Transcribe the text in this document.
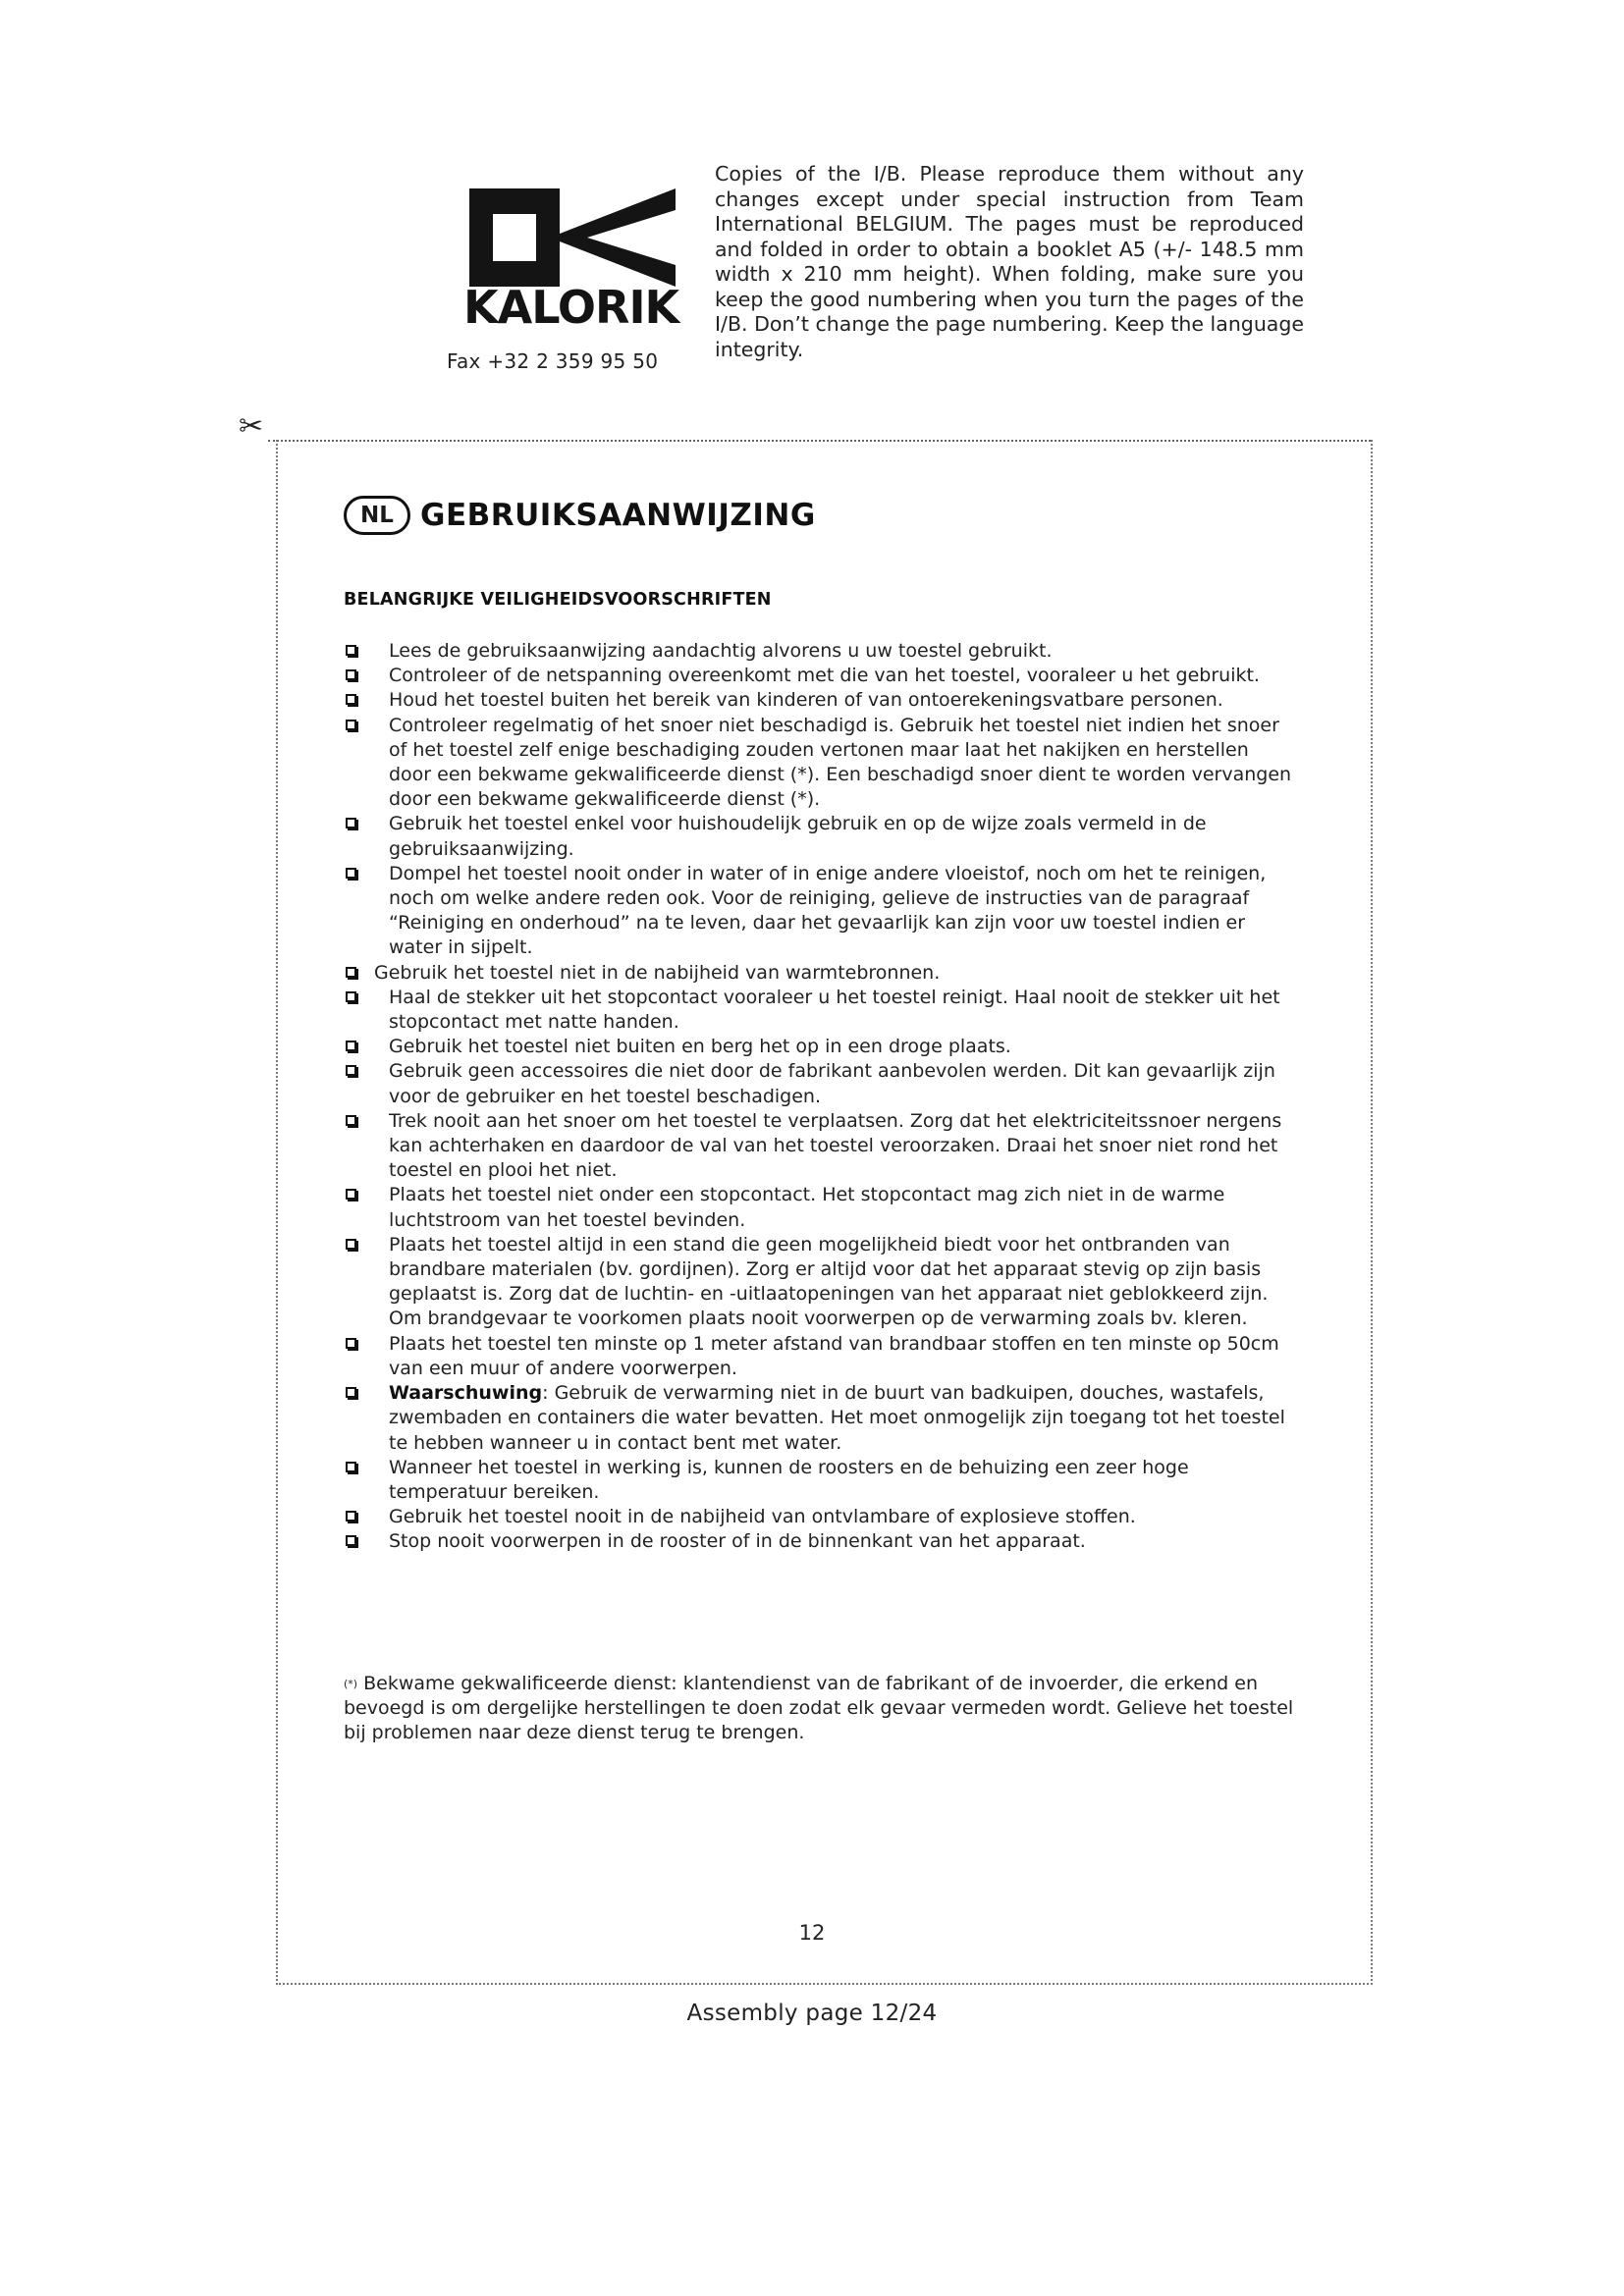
KALORIK
Fax +32 2 359 95 50
Copies of the I/B. Please reproduce them without any changes except under special instruction from Team International BELGIUM. The pages must be reproduced and folded in order to obtain a booklet A5 (+/- 148.5 mm width x 210 mm height). When folding, make sure you keep the good numbering when you turn the pages of the I/B. Don’t change the page numbering. Keep the language integrity.
✂
NL GEBRUIKSAANWIJZING
BELANGRIJKE VEILIGHEIDSVOORSCHRIFTEN
Lees de gebruiksaanwijzing aandachtig alvorens u uw toestel gebruikt.
Controleer of de netspanning overeenkomt met die van het toestel, vooraleer u het gebruikt.
Houd het toestel buiten het bereik van kinderen of van ontoerekeningsvatbare personen.
Controleer regelmatig of het snoer niet beschadigd is. Gebruik het toestel niet indien het snoer of het toestel zelf enige beschadiging zouden vertonen maar laat het nakijken en herstellen door een bekwame gekwalificeerde dienst (*). Een beschadigd snoer dient te worden vervangen door een bekwame gekwalificeerde dienst (*).
Gebruik het toestel enkel voor huishoudelijk gebruik en op de wijze zoals vermeld in de gebruiksaanwijzing.
Dompel het toestel nooit onder in water of in enige andere vloeistof, noch om het te reinigen, noch om welke andere reden ook. Voor de reiniging, gelieve de instructies van de paragraaf “Reiniging en onderhoud” na te leven, daar het gevaarlijk kan zijn voor uw toestel indien er water in sijpelt.
Gebruik het toestel niet in de nabijheid van warmtebronnen.
Haal de stekker uit het stopcontact vooraleer u het toestel reinigt. Haal nooit de stekker uit het stopcontact met natte handen.
Gebruik het toestel niet buiten en berg het op in een droge plaats.
Gebruik geen accessoires die niet door de fabrikant aanbevolen werden. Dit kan gevaarlijk zijn voor de gebruiker en het toestel beschadigen.
Trek nooit aan het snoer om het toestel te verplaatsen. Zorg dat het elektriciteitssnoer nergens kan achterhaken en daardoor de val van het toestel veroorzaken. Draai het snoer niet rond het toestel en plooi het niet.
Plaats het toestel niet onder een stopcontact. Het stopcontact mag zich niet in de warme luchtstroom van het toestel bevinden.
Plaats het toestel altijd in een stand die geen mogelijkheid biedt voor het ontbranden van brandbare materialen (bv. gordijnen). Zorg er altijd voor dat het apparaat stevig op zijn basis geplaatst is. Zorg dat de luchtin- en -uitlaatopeningen van het apparaat niet geblokkeerd zijn. Om brandgevaar te voorkomen plaats nooit voorwerpen op de verwarming zoals bv. kleren.
Plaats het toestel ten minste op 1 meter afstand van brandbaar stoffen en ten minste op 50cm van een muur of andere voorwerpen.
Waarschuwing: Gebruik de verwarming niet in de buurt van badkuipen, douches, wastafels, zwembaden en containers die water bevatten. Het moet onmogelijk zijn toegang tot het toestel te hebben wanneer u in contact bent met water.
Wanneer het toestel in werking is, kunnen de roosters en de behuizing een zeer hoge temperatuur bereiken.
Gebruik het toestel nooit in de nabijheid van ontvlambare of explosieve stoffen.
Stop nooit voorwerpen in de rooster of in de binnenkant van het apparaat.
(*) Bekwame gekwalificeerde dienst: klantendienst van de fabrikant of de invoerder, die erkend en bevoegd is om dergelijke herstellingen te doen zodat elk gevaar vermeden wordt. Gelieve het toestel bij problemen naar deze dienst terug te brengen.
12
Assembly page 12/24
